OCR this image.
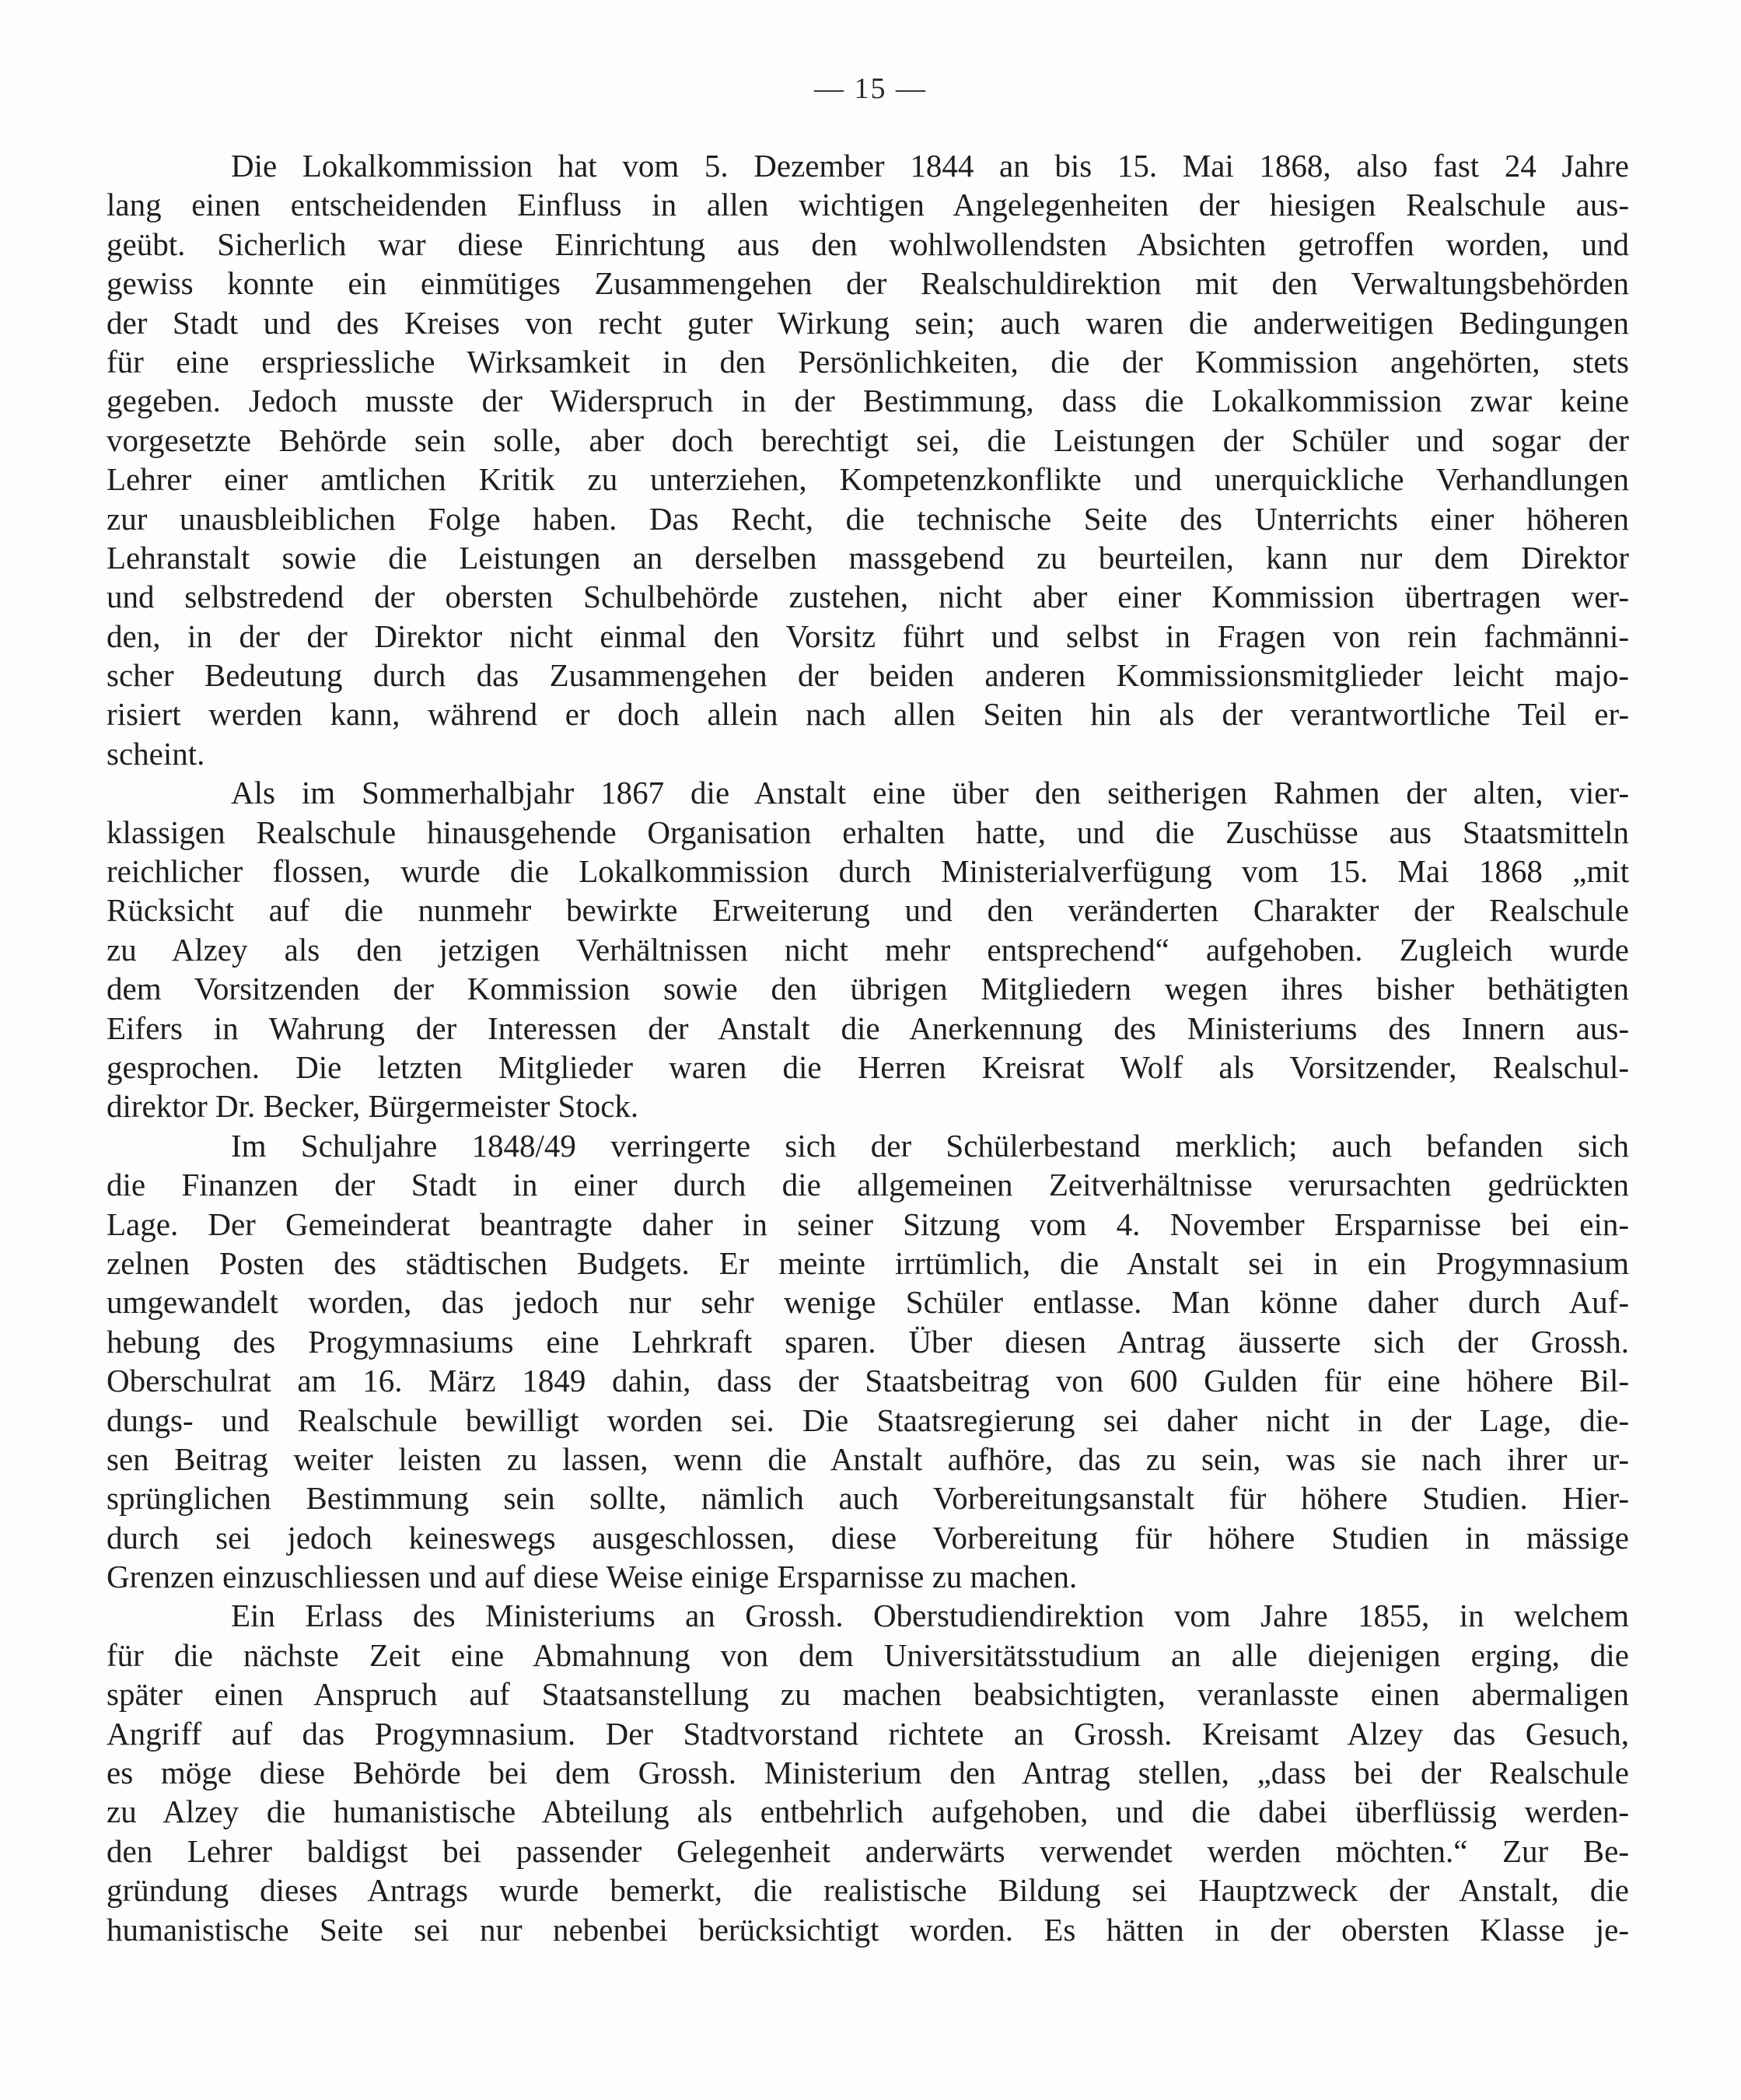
— 15 —
Die Lokalkommission hat vom 5. Dezember 1844 an bis 15. Mai 1868, also fast 24 Jahre
lang einen entscheidenden Einfluss in allen wichtigen Angelegenheiten der hiesigen Realschule aus-
geübt. Sicherlich war diese Einrichtung aus den wohlwollendsten Absichten getroffen worden, und
gewiss konnte ein einmütiges Zusammengehen der Realschuldirektion mit den Verwaltungsbehörden
der Stadt und des Kreises von recht guter Wirkung sein; auch waren die anderweitigen Bedingungen
für eine erspriessliche Wirksamkeit in den Persönlichkeiten, die der Kommission angehörten, stets
gegeben. Jedoch musste der Widerspruch in der Bestimmung, dass die Lokalkommission zwar keine
vorgesetzte Behörde sein solle, aber doch berechtigt sei, die Leistungen der Schüler und sogar der
Lehrer einer amtlichen Kritik zu unterziehen, Kompetenzkonflikte und unerquickliche Verhandlungen
zur unausbleiblichen Folge haben. Das Recht, die technische Seite des Unterrichts einer höheren
Lehranstalt sowie die Leistungen an derselben massgebend zu beurteilen, kann nur dem Direktor
und selbstredend der obersten Schulbehörde zustehen, nicht aber einer Kommission übertragen wer-
den, in der der Direktor nicht einmal den Vorsitz führt und selbst in Fragen von rein fachmänni-
scher Bedeutung durch das Zusammengehen der beiden anderen Kommissionsmitglieder leicht majo-
risiert werden kann, während er doch allein nach allen Seiten hin als der verantwortliche Teil er-
scheint.
Als im Sommerhalbjahr 1867 die Anstalt eine über den seitherigen Rahmen der alten, vier-
klassigen Realschule hinausgehende Organisation erhalten hatte, und die Zuschüsse aus Staatsmitteln
reichlicher flossen, wurde die Lokalkommission durch Ministerialverfügung vom 15. Mai 1868 „mit
Rücksicht auf die nunmehr bewirkte Erweiterung und den veränderten Charakter der Realschule
zu Alzey als den jetzigen Verhältnissen nicht mehr entsprechend“ aufgehoben. Zugleich wurde
dem Vorsitzenden der Kommission sowie den übrigen Mitgliedern wegen ihres bisher bethätigten
Eifers in Wahrung der Interessen der Anstalt die Anerkennung des Ministeriums des Innern aus-
gesprochen. Die letzten Mitglieder waren die Herren Kreisrat Wolf als Vorsitzender, Realschul-
direktor Dr. Becker, Bürgermeister Stock.
Im Schuljahre 1848/49 verringerte sich der Schülerbestand merklich; auch befanden sich
die Finanzen der Stadt in einer durch die allgemeinen Zeitverhältnisse verursachten gedrückten
Lage. Der Gemeinderat beantragte daher in seiner Sitzung vom 4. November Ersparnisse bei ein-
zelnen Posten des städtischen Budgets. Er meinte irrtümlich, die Anstalt sei in ein Progymnasium
umgewandelt worden, das jedoch nur sehr wenige Schüler entlasse. Man könne daher durch Auf-
hebung des Progymnasiums eine Lehrkraft sparen. Über diesen Antrag äusserte sich der Grossh.
Oberschulrat am 16. März 1849 dahin, dass der Staatsbeitrag von 600 Gulden für eine höhere Bil-
dungs- und Realschule bewilligt worden sei. Die Staatsregierung sei daher nicht in der Lage, die-
sen Beitrag weiter leisten zu lassen, wenn die Anstalt aufhöre, das zu sein, was sie nach ihrer ur-
sprünglichen Bestimmung sein sollte, nämlich auch Vorbereitungsanstalt für höhere Studien. Hier-
durch sei jedoch keineswegs ausgeschlossen, diese Vorbereitung für höhere Studien in mässige
Grenzen einzuschliessen und auf diese Weise einige Ersparnisse zu machen.
Ein Erlass des Ministeriums an Grossh. Oberstudiendirektion vom Jahre 1855, in welchem
für die nächste Zeit eine Abmahnung von dem Universitätsstudium an alle diejenigen erging, die
später einen Anspruch auf Staatsanstellung zu machen beabsichtigten, veranlasste einen abermaligen
Angriff auf das Progymnasium. Der Stadtvorstand richtete an Grossh. Kreisamt Alzey das Gesuch,
es möge diese Behörde bei dem Grossh. Ministerium den Antrag stellen, „dass bei der Realschule
zu Alzey die humanistische Abteilung als entbehrlich aufgehoben, und die dabei überflüssig werden-
den Lehrer baldigst bei passender Gelegenheit anderwärts verwendet werden möchten.“ Zur Be-
gründung dieses Antrags wurde bemerkt, die realistische Bildung sei Hauptzweck der Anstalt, die
humanistische Seite sei nur nebenbei berücksichtigt worden. Es hätten in der obersten Klasse je-
